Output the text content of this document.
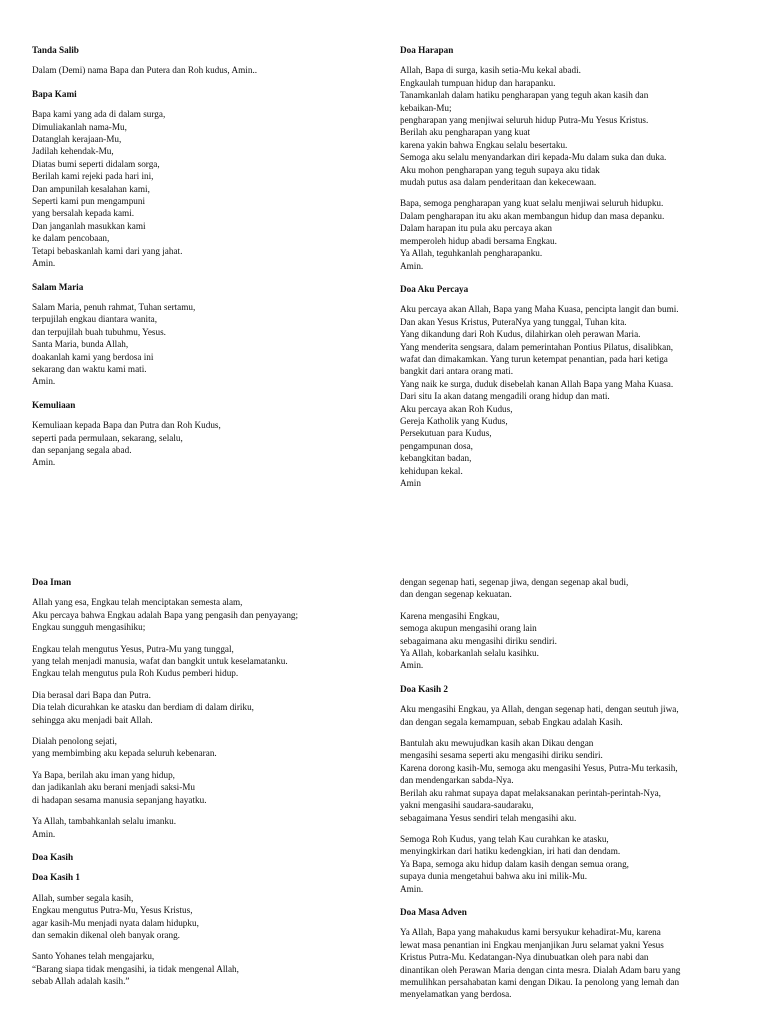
Tanda Salib
Dalam (Demi) nama Bapa dan Putera dan Roh kudus, Amin..
Bapa Kami
Bapa kami yang ada di dalam surga,
Dimuliakanlah nama-Mu,
Datanglah kerajaan-Mu,
Jadilah kehendak-Mu,
Diatas bumi seperti didalam sorga,
Berilah kami rejeki pada hari ini,
Dan ampunilah kesalahan kami,
Seperti kami pun mengampuni
yang bersalah kepada kami.
Dan janganlah masukkan kami
ke dalam pencobaan,
Tetapi bebaskanlah kami dari yang jahat.
Amin.
Salam Maria
Salam Maria, penuh rahmat, Tuhan sertamu,
terpujilah engkau diantara wanita,
dan terpujilah buah tubuhmu, Yesus.
Santa Maria, bunda Allah,
doakanlah kami yang berdosa ini
sekarang dan waktu kami mati.
Amin.
Kemuliaan
Kemuliaan kepada Bapa dan Putra dan Roh Kudus,
seperti pada permulaan, sekarang, selalu,
dan sepanjang segala abad.
Amin.
Doa Harapan
Allah, Bapa di surga, kasih setia-Mu kekal abadi.
Engkaulah tumpuan hidup dan harapanku.
Tanamkanlah dalam hatiku pengharapan yang teguh akan kasih dan
kebaikan-Mu;
pengharapan yang menjiwai seluruh hidup Putra-Mu Yesus Kristus.
Berilah aku pengharapan yang kuat
karena yakin bahwa Engkau selalu besertaku.
Semoga aku selalu menyandarkan diri kepada-Mu dalam suka dan duka.
Aku mohon pengharapan yang teguh supaya aku tidak
mudah putus asa dalam penderitaan dan kekecewaan.
Bapa, semoga pengharapan yang kuat selalu menjiwai seluruh hidupku.
Dalam pengharapan itu aku akan membangun hidup dan masa depanku.
Dalam harapan itu pula aku percaya akan
memperoleh hidup abadi bersama Engkau.
Ya Allah, teguhkanlah pengharapanku.
Amin.
Doa Aku Percaya
Aku percaya akan Allah, Bapa yang Maha Kuasa, pencipta langit dan bumi.
Dan akan Yesus Kristus, PuteraNya yang tunggal, Tuhan kita.
Yang dikandung dari Roh Kudus, dilahirkan oleh perawan Maria.
Yang menderita sengsara, dalam pemerintahan Pontius Pilatus, disalibkan,
wafat dan dimakamkan. Yang turun ketempat penantian, pada hari ketiga
bangkit dari antara orang mati.
Yang naik ke surga, duduk disebelah kanan Allah Bapa yang Maha Kuasa.
Dari situ Ia akan datang mengadili orang hidup dan mati.
Aku percaya akan Roh Kudus,
Gereja Katholik yang Kudus,
Persekutuan para Kudus,
pengampunan dosa,
kebangkitan badan,
kehidupan kekal.
Amin
Doa Iman
Allah yang esa, Engkau telah menciptakan semesta alam,
Aku percaya bahwa Engkau adalah Bapa yang pengasih dan penyayang;
Engkau sungguh mengasihiku;
Engkau telah mengutus Yesus, Putra-Mu yang tunggal,
yang telah menjadi manusia, wafat dan bangkit untuk keselamatanku.
Engkau telah mengutus pula Roh Kudus pemberi hidup.
Dia berasal dari Bapa dan Putra.
Dia telah dicurahkan ke atasku dan berdiam di dalam diriku,
sehingga aku menjadi bait Allah.
Dialah penolong sejati,
yang membimbing aku kepada seluruh kebenaran.
Ya Bapa, berilah aku iman yang hidup,
dan jadikanlah aku berani menjadi saksi-Mu
di hadapan sesama manusia sepanjang hayatku.
Ya Allah, tambahkanlah selalu imanku.
Amin.
Doa Kasih
Doa Kasih 1
Allah, sumber segala kasih,
Engkau mengutus Putra-Mu, Yesus Kristus,
agar kasih-Mu menjadi nyata dalam hidupku,
dan semakin dikenal oleh banyak orang.
Santo Yohanes telah mengajarku,
“Barang siapa tidak mengasihi, ia tidak mengenal Allah,
sebab Allah adalah kasih.”
dengan segenap hati, segenap jiwa, dengan segenap akal budi,
dan dengan segenap kekuatan.
Karena mengasihi Engkau,
semoga akupun mengasihi orang lain
sebagaimana aku mengasihi diriku sendiri.
Ya Allah, kobarkanlah selalu kasihku.
Amin.
Doa Kasih 2
Aku mengasihi Engkau, ya Allah, dengan segenap hati, dengan seutuh jiwa,
dan dengan segala kemampuan, sebab Engkau adalah Kasih.
Bantulah aku mewujudkan kasih akan Dikau dengan
mengasihi sesama seperti aku mengasihi diriku sendiri.
Karena dorong kasih-Mu, semoga aku mengasihi Yesus, Putra-Mu terkasih,
dan mendengarkan sabda-Nya.
Berilah aku rahmat supaya dapat melaksanakan perintah-perintah-Nya,
yakni mengasihi saudara-saudaraku,
sebagaimana Yesus sendiri telah mengasihi aku.
Semoga Roh Kudus, yang telah Kau curahkan ke atasku,
menyingkirkan dari hatiku kedengkian, iri hati dan dendam.
Ya Bapa, semoga aku hidup dalam kasih dengan semua orang,
supaya dunia mengetahui bahwa aku ini milik-Mu.
Amin.
Doa Masa Adven
Ya Allah, Bapa yang mahakudus kami bersyukur kehadirat-Mu, karena
lewat masa penantian ini Engkau menjanjikan Juru selamat yakni Yesus
Kristus Putra-Mu. Kedatangan-Nya dinubuatkan oleh para nabi dan
dinantikan oleh Perawan Maria dengan cinta mesra. Dialah Adam baru yang
memulihkan persahabatan kami dengan Dikau. Ia penolong yang lemah dan
menyelamatkan yang berdosa.
